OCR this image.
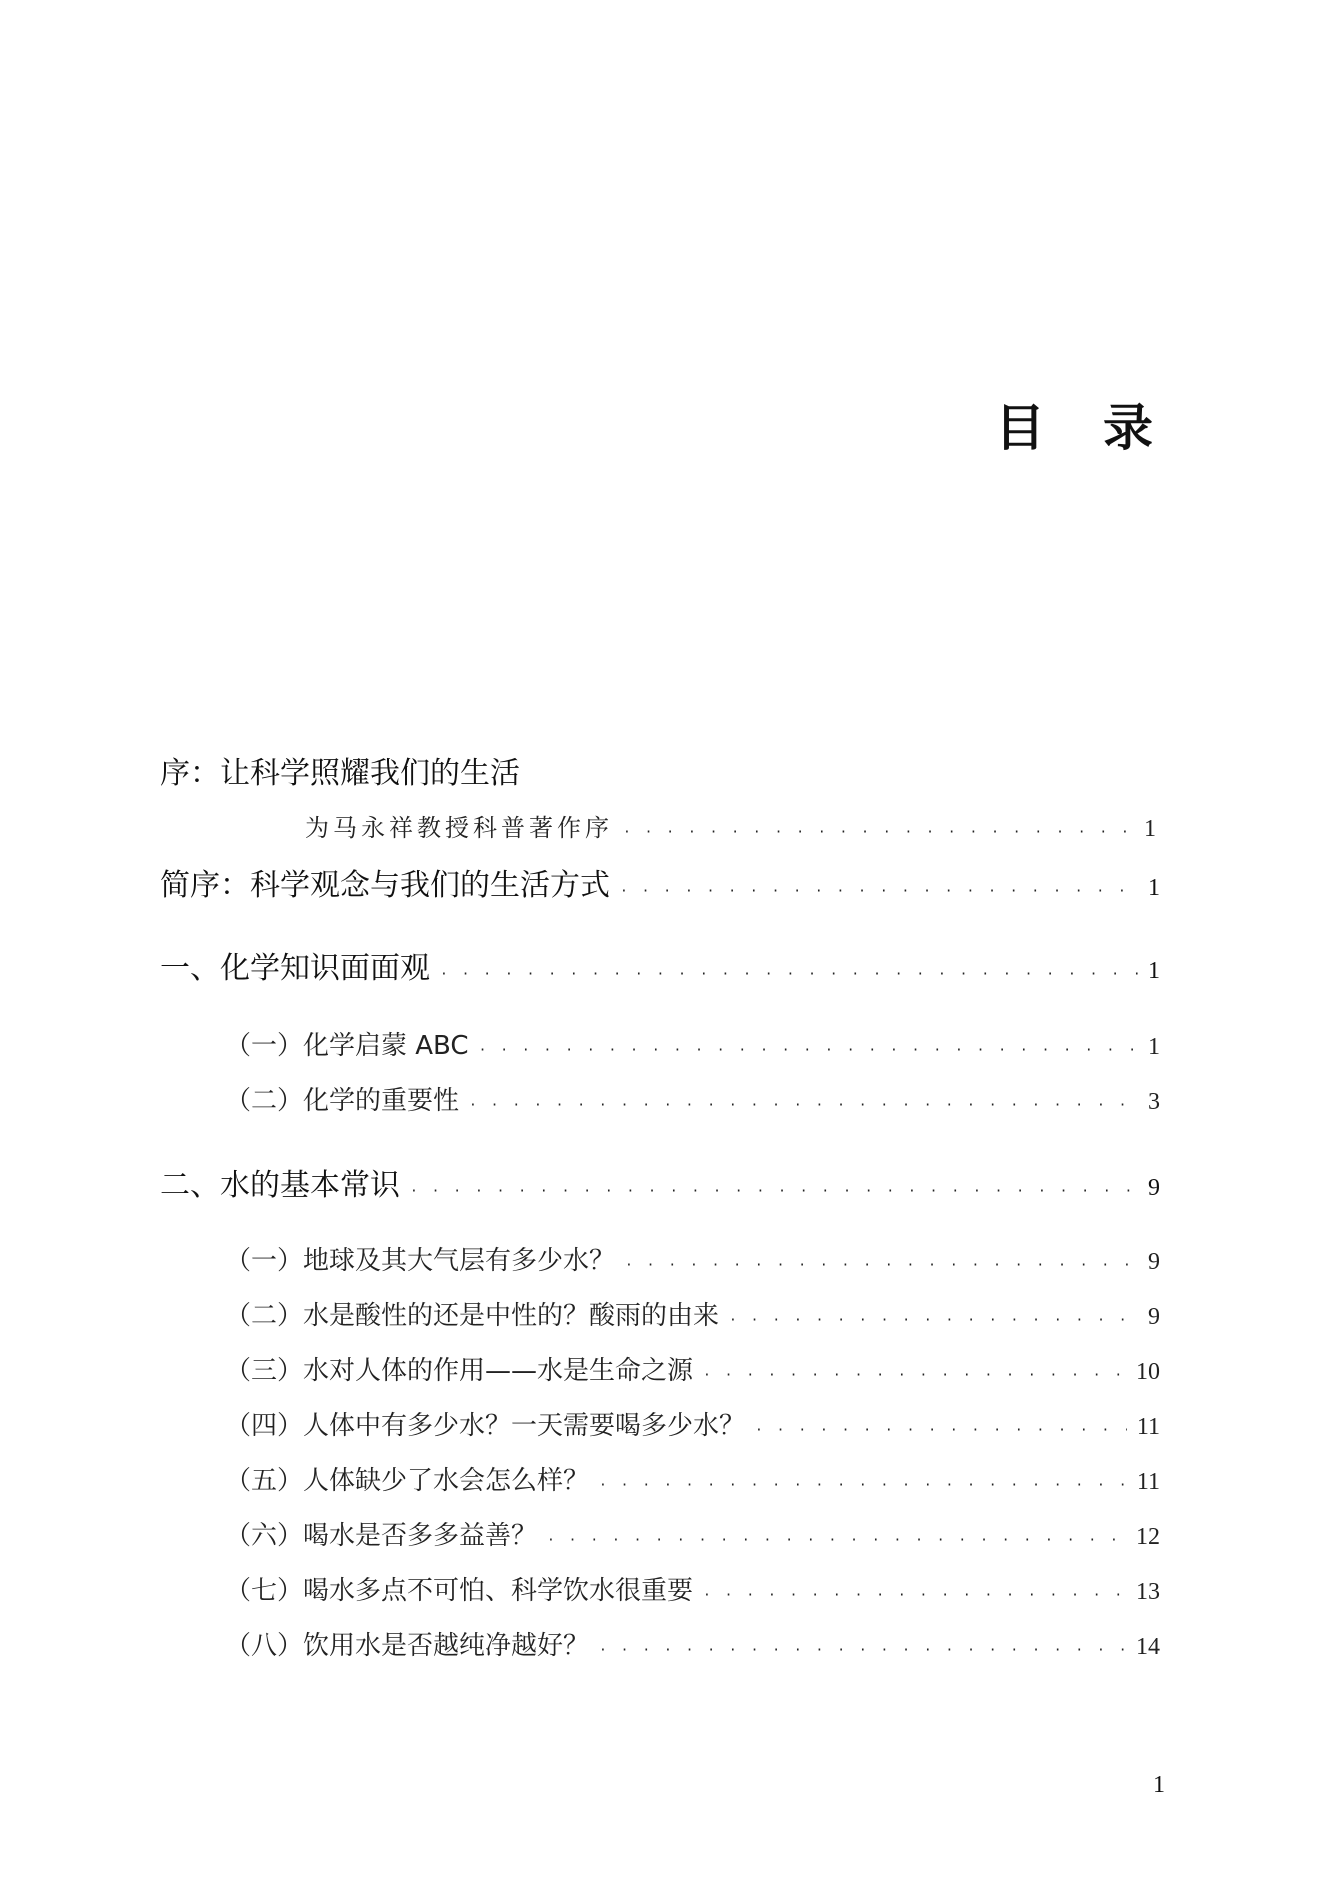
目 录
序：让科学照耀我们的生活
为马永祥教授科普著作序 · · ·	1
简序：科学观念与我们的生活方式 · · ·	1
一、化学知识面面观 · · ·	1
（一）化学启蒙 ABC · · ·	1
（二）化学的重要性 · · ·	3
二、水的基本常识 · · ·	9
（一）地球及其大气层有多少水？ · · ·	9
（二）水是酸性的还是中性的？酸雨的由来 · · ·	9
（三）水对人体的作用——水是生命之源 · · ·	10
（四）人体中有多少水？一天需要喝多少水？ · · ·	11
（五）人体缺少了水会怎么样？ · · ·	11
（六）喝水是否多多益善？ · · ·	12
（七）喝水多点不可怕、科学饮水很重要 · · ·	13
（八）饮用水是否越纯净越好？ · · ·	14
1
